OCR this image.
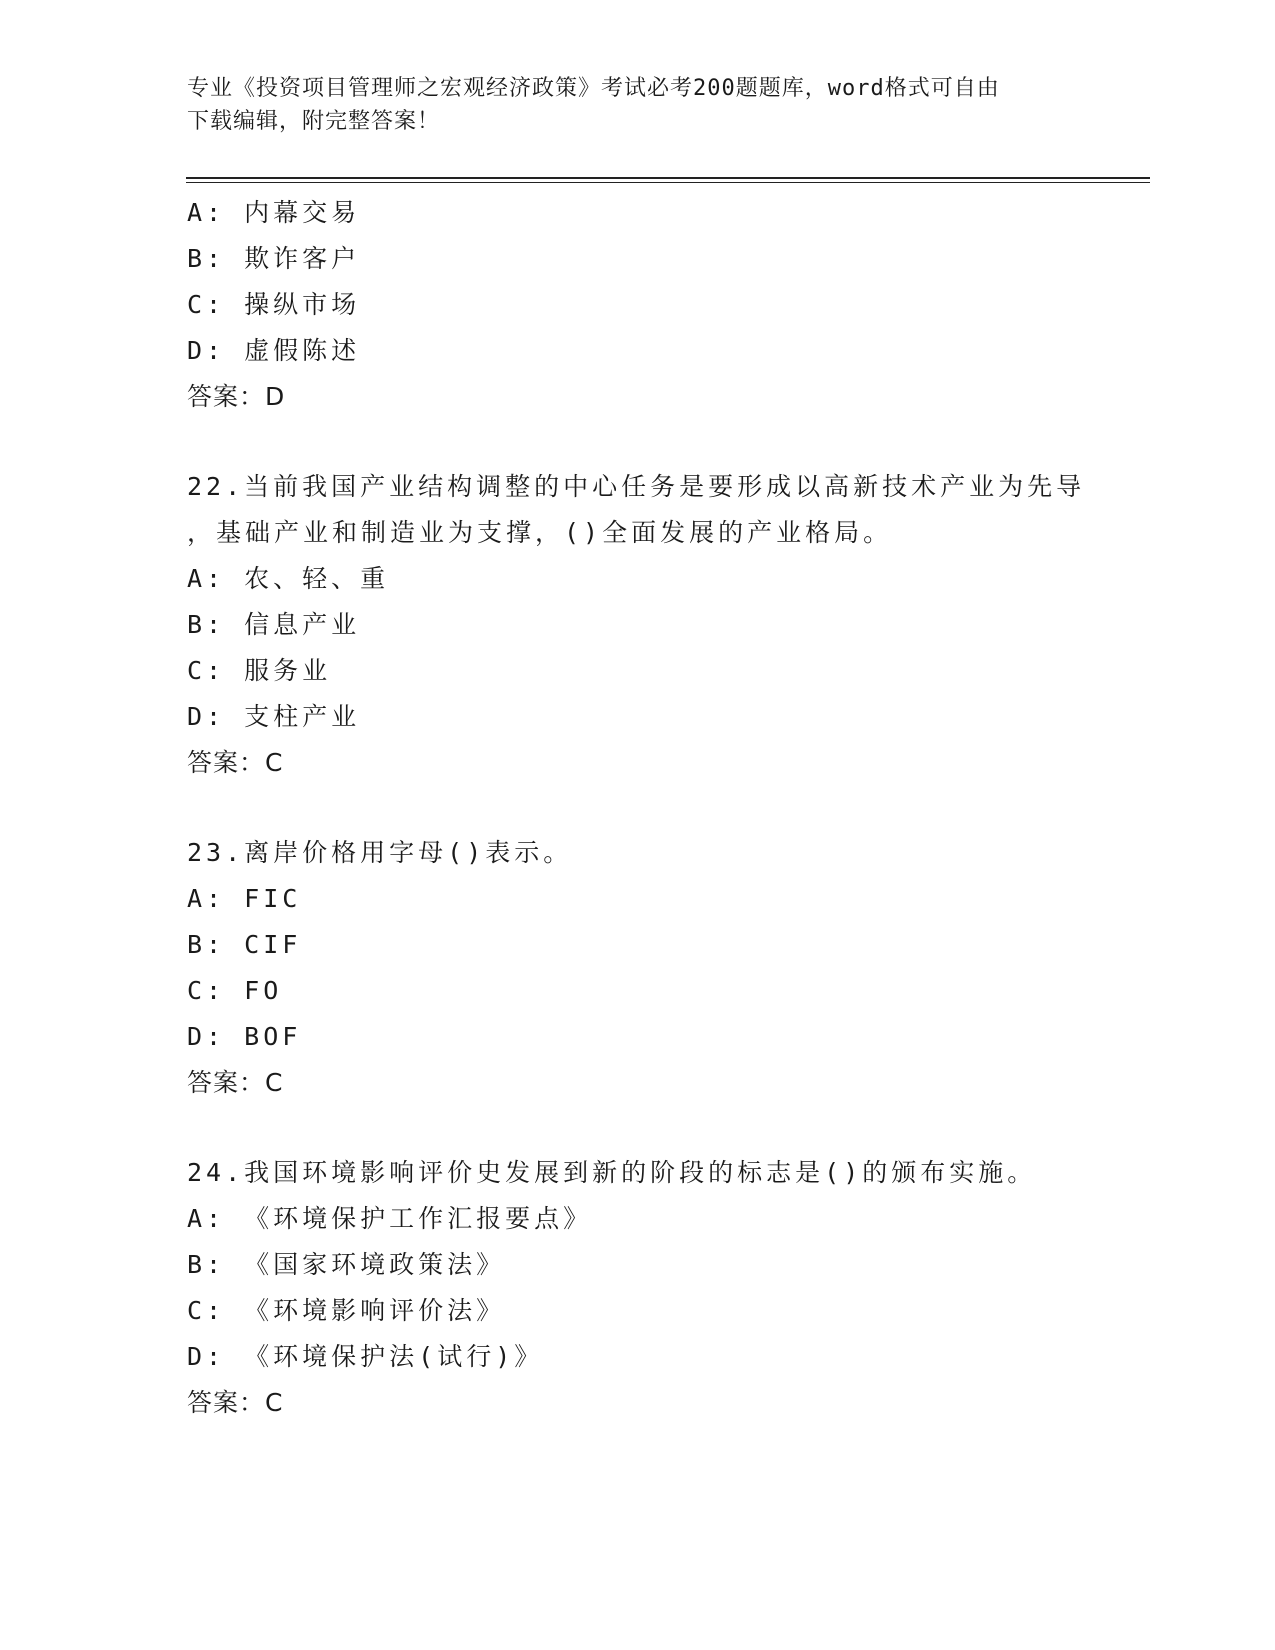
专业《投资项目管理师之宏观经济政策》考试必考200题题库，word格式可自由
下载编辑，附完整答案！
A: 内幕交易
B: 欺诈客户
C: 操纵市场
D: 虚假陈述
答案：D
22.当前我国产业结构调整的中心任务是要形成以高新技术产业为先导
，基础产业和制造业为支撑，()全面发展的产业格局。
A: 农、轻、重
B: 信息产业
C: 服务业
D: 支柱产业
答案：C
23.离岸价格用字母()表示。
A: FIC
B: CIF
C: FO
D: BOF
答案：C
24.我国环境影响评价史发展到新的阶段的标志是()的颁布实施。
A: 《环境保护工作汇报要点》
B: 《国家环境政策法》
C: 《环境影响评价法》
D: 《环境保护法(试行)》
答案：C
